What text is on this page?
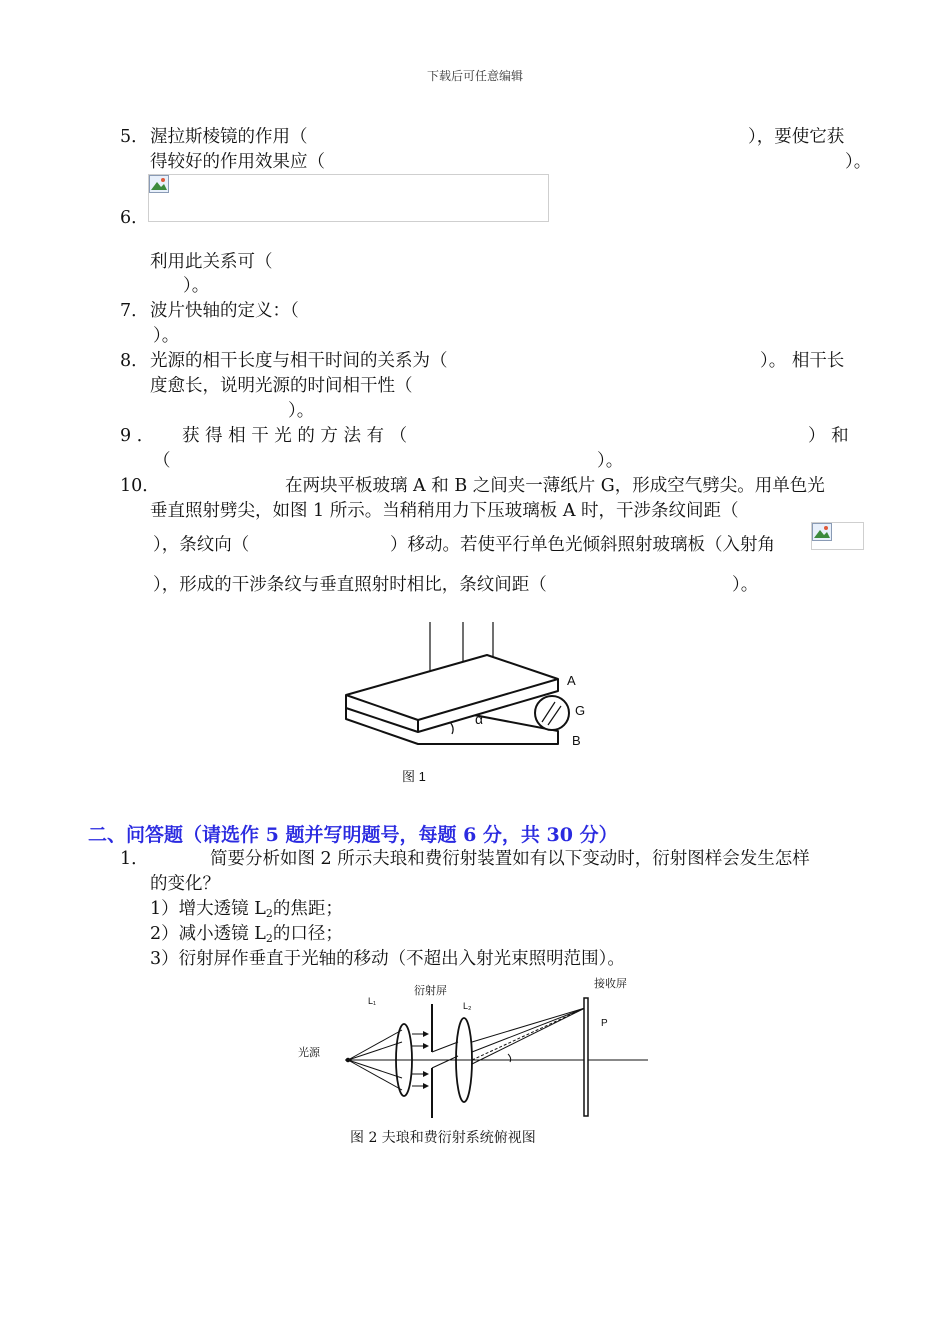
下载后可任意编辑
5． 渥拉斯棱镜的作用（	），要使它获
得较好的作用效果应（	）。
6．
利用此关系可（
）。
7． 波片快轴的定义：（
）。
8． 光源的相干长度与相干时间的关系为（	）。 相干长
度愈长，说明光源的时间相干性（
）。
9 ． 获 得 相 干 光 的 方 法 有 （	） 和
（	）。
10．	在两块平板玻璃 A 和 B 之间夹一薄纸片 G，形成空气劈尖。用单色光
垂直照射劈尖，如图 1 所示。当稍稍用力下压玻璃板 A 时，干涉条纹间距（
），条纹向（	）移动。若使平行单色光倾斜照射玻璃板（入射角
），形成的干涉条纹与垂直照射时相比，条纹间距（	）。
A
G
B
α
图 1
二、问答题（请选作 5 题并写明题号，每题 6 分，共 30 分）
1．	简要分析如图 2 所示夫琅和费衍射装置如有以下变动时，衍射图样会发生怎样
的变化？
1）增大透镜 $L_2$的焦距；
2）减小透镜 $L_2$的口径；
3）衍射屏作垂直于光轴的移动（不超出入射光束照明范围）。
衍射屏
接收屏
L₁	L₂
P
光源
图 2 夫琅和费衍射系统俯视图
